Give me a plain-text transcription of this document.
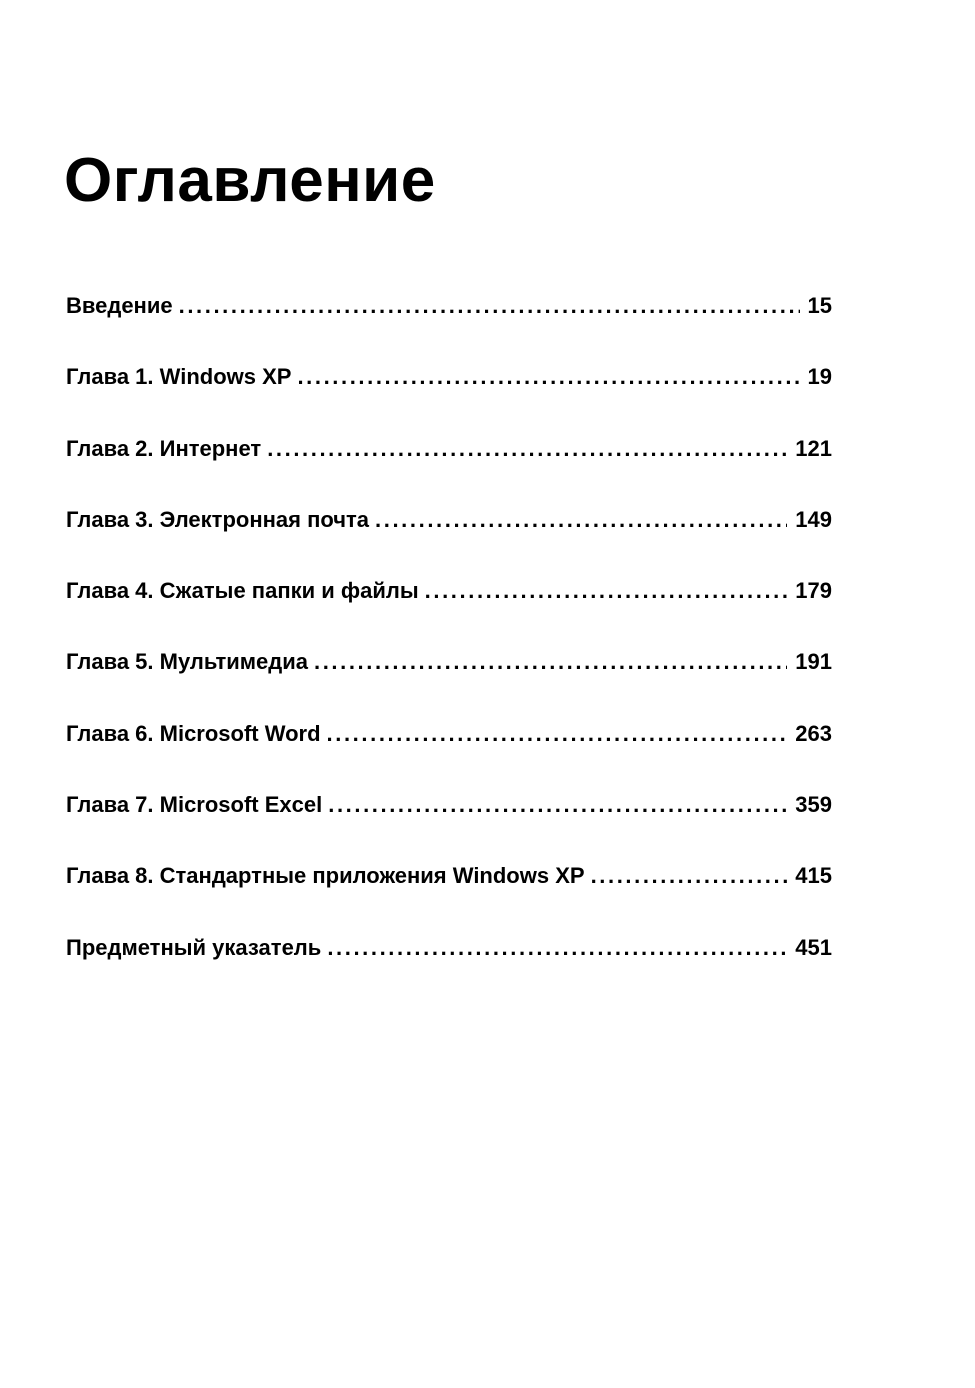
Оглавление
Введение .....	15
Глава 1. Windows XP .....	19
Глава 2. Интернет .....	121
Глава 3. Электронная почта .....	149
Глава 4. Сжатые папки и файлы .....	179
Глава 5. Мультимедиа .....	191
Глава 6. Microsoft Word .....	263
Глава 7. Microsoft Excel .....	359
Глава 8. Стандартные приложения Windows XP .....	415
Предметный указатель .....	451
